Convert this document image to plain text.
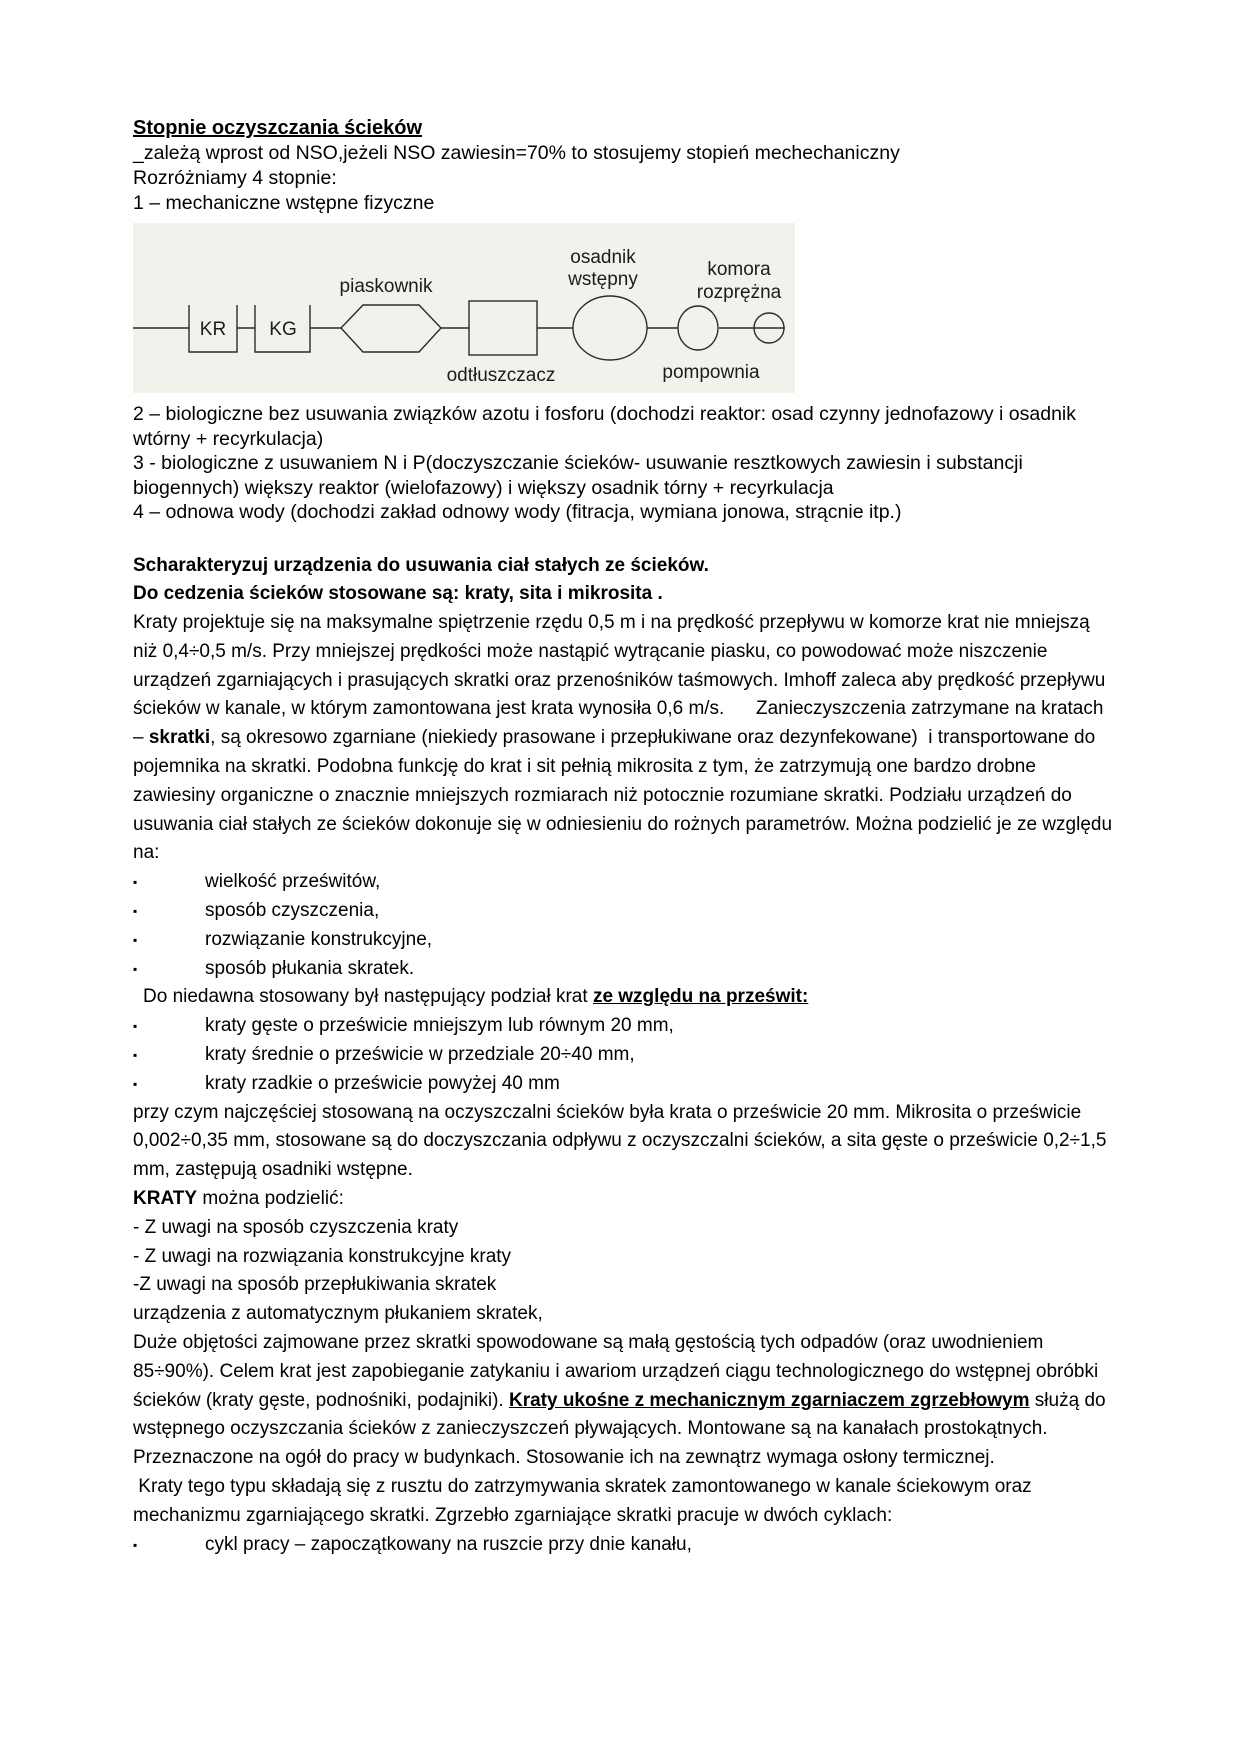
Stopnie oczyszczania ścieków

_zależą wprost od NSO,jeżeli NSO zawiesin=70% to stosujemy stopień mechechaniczny

Rozróżniamy 4 stopnie:

1 – mechaniczne wstępne fizyczne

KR KG
piaskownik
osadnik
wstępny	komora
rozprężna
odtłuszczacz	pompownia

2 – biologiczne bez usuwania związków azotu i fosforu (dochodzi reaktor: osad czynny jednofazowy i osadnik wtórny + recyrkulacja)

3 - biologiczne z usuwaniem N i P(doczyszczanie ścieków- usuwanie resztkowych zawiesin i substancji biogennych) większy reaktor (wielofazowy) i większy osadnik tórny + recyrkulacja

4 – odnowa wody (dochodzi zakład odnowy wody (fitracja, wymiana jonowa, strącnie itp.)

Scharakteryzuj urządzenia do usuwania ciał stałych ze ścieków.

Do cedzenia ścieków stosowane są: kraty, sita i mikrosita .

Kraty projektuje się na maksymalne spiętrzenie rzędu 0,5 m i na prędkość przepływu w komorze krat nie mniejszą niż 0,4÷0,5 m/s. Przy mniejszej prędkości może nastąpić wytrącanie piasku, co powodować może niszczenie urządzeń zgarniających i prasujących skratki oraz przenośników taśmowych. Imhoff zaleca aby prędkość przepływu ścieków w kanale, w którym zamontowana jest krata wynosiła 0,6 m/s.      Zanieczyszczenia zatrzymane na kratach – skratki, są okresowo zgarniane (niekiedy prasowane i przepłukiwane oraz dezynfekowane)  i transportowane do pojemnika na skratki. Podobna funkcję do krat i sit pełnią mikrosita z tym, że zatrzymują one bardzo drobne zawiesiny organiczne o znacznie mniejszych rozmiarach niż potocznie rozumiane skratki. Podziału urządzeń do usuwania ciał stałych ze ścieków dokonuje się w odniesieniu do rożnych parametrów. Można podzielić je ze względu na:

▪	wielkość prześwitów,
▪	sposób czyszczenia,
▪	rozwiązanie konstrukcyjne,
▪	sposób płukania skratek.

Do niedawna stosowany był następujący podział krat ze względu na prześwit:

▪	kraty gęste o prześwicie mniejszym lub równym 20 mm,
▪	kraty średnie o prześwicie w przedziale 20÷40 mm,
▪	kraty rzadkie o prześwicie powyżej 40 mm

przy czym najczęściej stosowaną na oczyszczalni ścieków była krata o prześwicie 20 mm. Mikrosita o prześwicie 0,002÷0,35 mm, stosowane są do doczyszczania odpływu z oczyszczalni ścieków, a sita gęste o prześwicie 0,2÷1,5 mm, zastępują osadniki wstępne.

KRATY można podzielić:

- Z uwagi na sposób czyszczenia kraty

- Z uwagi na rozwiązania konstrukcyjne kraty

-Z uwagi na sposób przepłukiwania skratek

urządzenia z automatycznym płukaniem skratek,

Duże objętości zajmowane przez skratki spowodowane są małą gęstością tych odpadów (oraz uwodnieniem 85÷90%). Celem krat jest zapobieganie zatykaniu i awariom urządzeń ciągu technologicznego do wstępnej obróbki ścieków (kraty gęste, podnośniki, podajniki). Kraty ukośne z mechanicznym zgarniaczem zgrzebłowym służą do wstępnego oczyszczania ścieków z zanieczyszczeń pływających. Montowane są na kanałach prostokątnych. Przeznaczone na ogół do pracy w budynkach. Stosowanie ich na zewnątrz wymaga osłony termicznej.

Kraty tego typu składają się z rusztu do zatrzymywania skratek zamontowanego w kanale ściekowym oraz mechanizmu zgarniającego skratki. Zgrzebło zgarniające skratki pracuje w dwóch cyklach:

▪	cykl pracy – zapoczątkowany na ruszcie przy dnie kanału,
